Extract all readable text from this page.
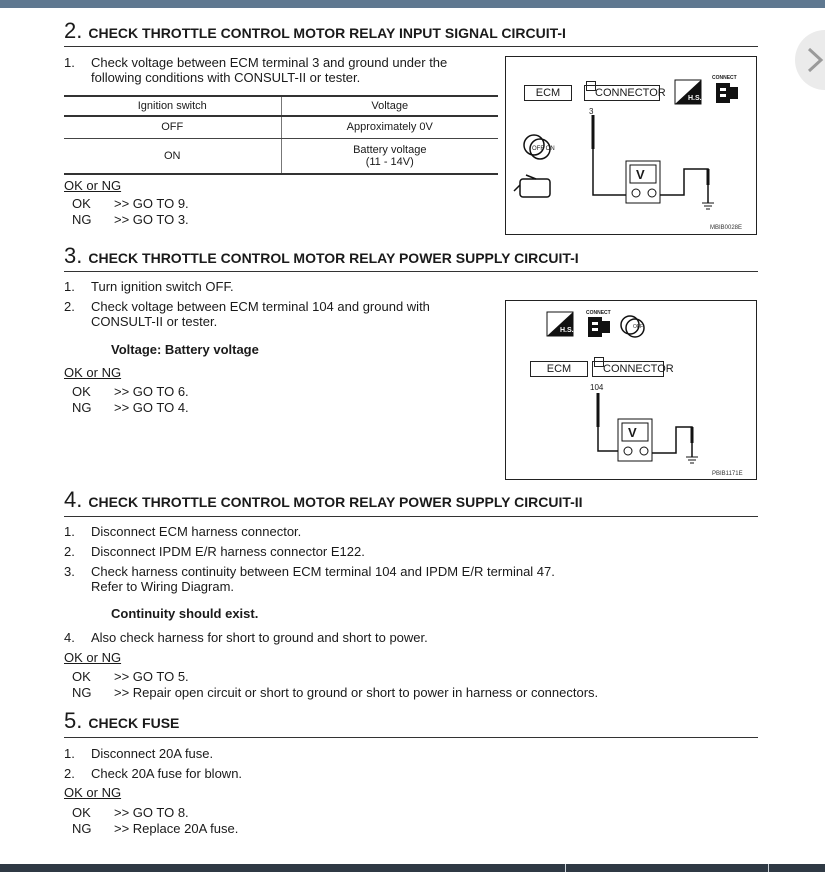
2. CHECK THROTTLE CONTROL MOTOR RELAY INPUT SIGNAL CIRCUIT-I
1. Check voltage between ECM terminal 3 and ground under the
following conditions with CONSULT-II or tester.
Ignition switch	Voltage
OFF	Approximately 0V
ON	Battery voltage
(11 - 14V)
OK or NG
OK >> GO TO 9.
NG >> GO TO 3.
ECM	CONNECTOR
3
CONNECT
H.S.
V
OFF ON
MBIB0028E
3. CHECK THROTTLE CONTROL MOTOR RELAY POWER SUPPLY CIRCUIT-I
1. Turn ignition switch OFF.
2. Check voltage between ECM terminal 104 and ground with
CONSULT-II or tester.
Voltage: Battery voltage
OK or NG
OK >> GO TO 6.
NG >> GO TO 4.
H.S.
CONNECT
OFF
ECM	CONNECTOR
104
V
PBIB1171E
4. CHECK THROTTLE CONTROL MOTOR RELAY POWER SUPPLY CIRCUIT-II
1. Disconnect ECM harness connector.
2. Disconnect IPDM E/R harness connector E122.
3. Check harness continuity between ECM terminal 104 and IPDM E/R terminal 47.
Refer to Wiring Diagram.
Continuity should exist.
4. Also check harness for short to ground and short to power.
OK or NG
OK >> GO TO 5.
NG >> Repair open circuit or short to ground or short to power in harness or connectors.
5. CHECK FUSE
1. Disconnect 20A fuse.
2. Check 20A fuse for blown.
OK or NG
OK >> GO TO 8.
NG >> Replace 20A fuse.
